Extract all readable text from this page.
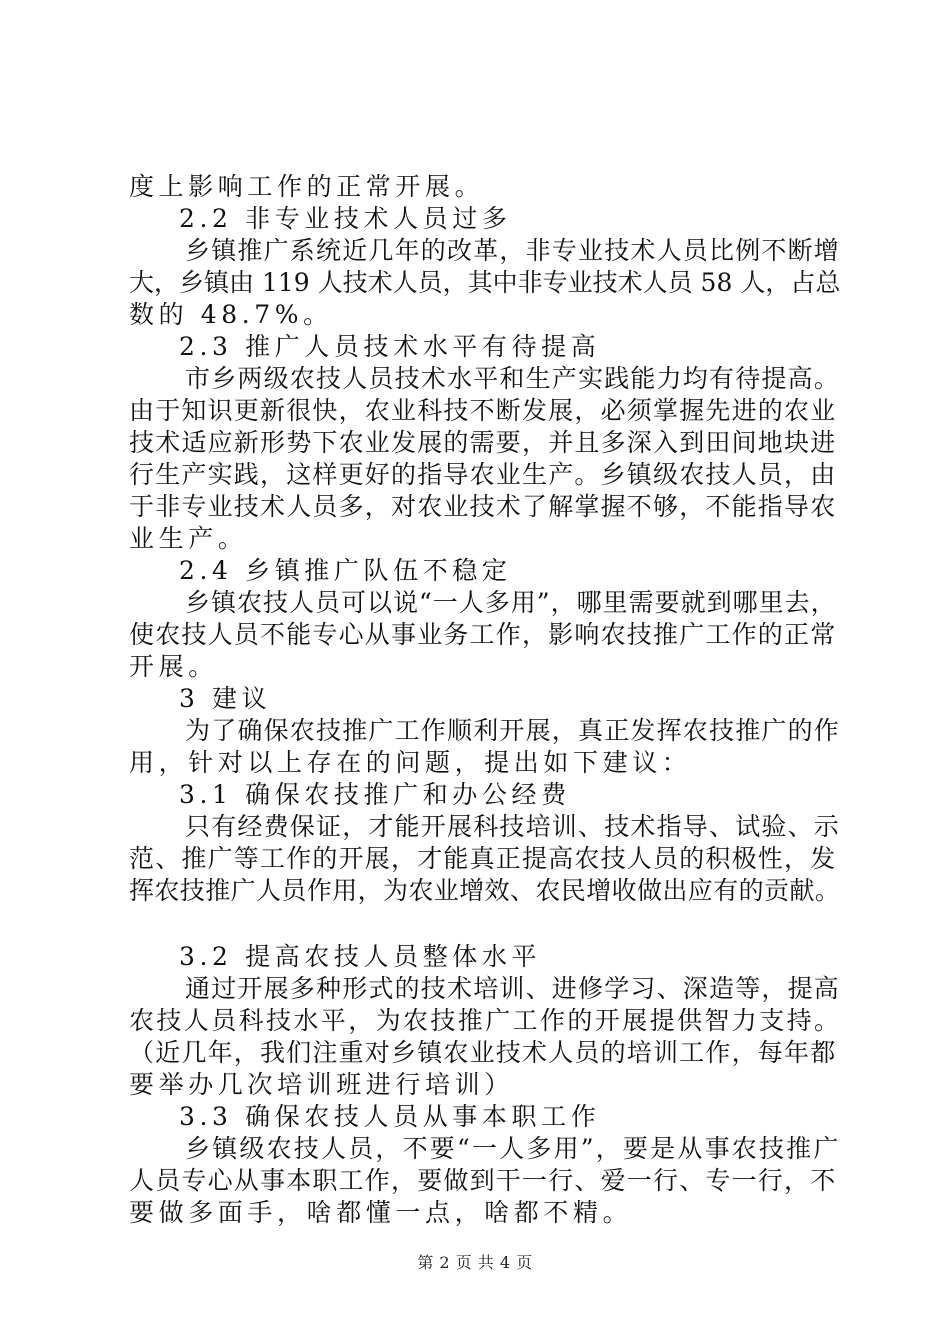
度上影响工作的正常开展。
2.2 非专业技术人员过多
乡镇推广系统近几年的改革，非专业技术人员比例不断增
大，乡镇由 119 人技术人员，其中非专业技术人员 58 人，占总
数的 48.7%。
2.3 推广人员技术水平有待提高
市乡两级农技人员技术水平和生产实践能力均有待提高。
由于知识更新很快，农业科技不断发展，必须掌握先进的农业
技术适应新形势下农业发展的需要，并且多深入到田间地块进
行生产实践，这样更好的指导农业生产。乡镇级农技人员，由
于非专业技术人员多，对农业技术了解掌握不够，不能指导农
业生产。
2.4 乡镇推广队伍不稳定
乡镇农技人员可以说“一人多用”，哪里需要就到哪里去，
使农技人员不能专心从事业务工作，影响农技推广工作的正常
开展。
3 建议
为了确保农技推广工作顺利开展，真正发挥农技推广的作
用，针对以上存在的问题，提出如下建议：
3.1 确保农技推广和办公经费
只有经费保证，才能开展科技培训、技术指导、试验、示
范、推广等工作的开展，才能真正提高农技人员的积极性，发
挥农技推广人员作用，为农业增效、农民增收做出应有的贡献。
3.2 提高农技人员整体水平
通过开展多种形式的技术培训、进修学习、深造等，提高
农技人员科技水平，为农技推广工作的开展提供智力支持。
（近几年，我们注重对乡镇农业技术人员的培训工作，每年都
要举办几次培训班进行培训）
3.3 确保农技人员从事本职工作
乡镇级农技人员，不要“一人多用”，要是从事农技推广
人员专心从事本职工作，要做到干一行、爱一行、专一行，不
要做多面手，啥都懂一点，啥都不精。
第 2 页 共 4 页
